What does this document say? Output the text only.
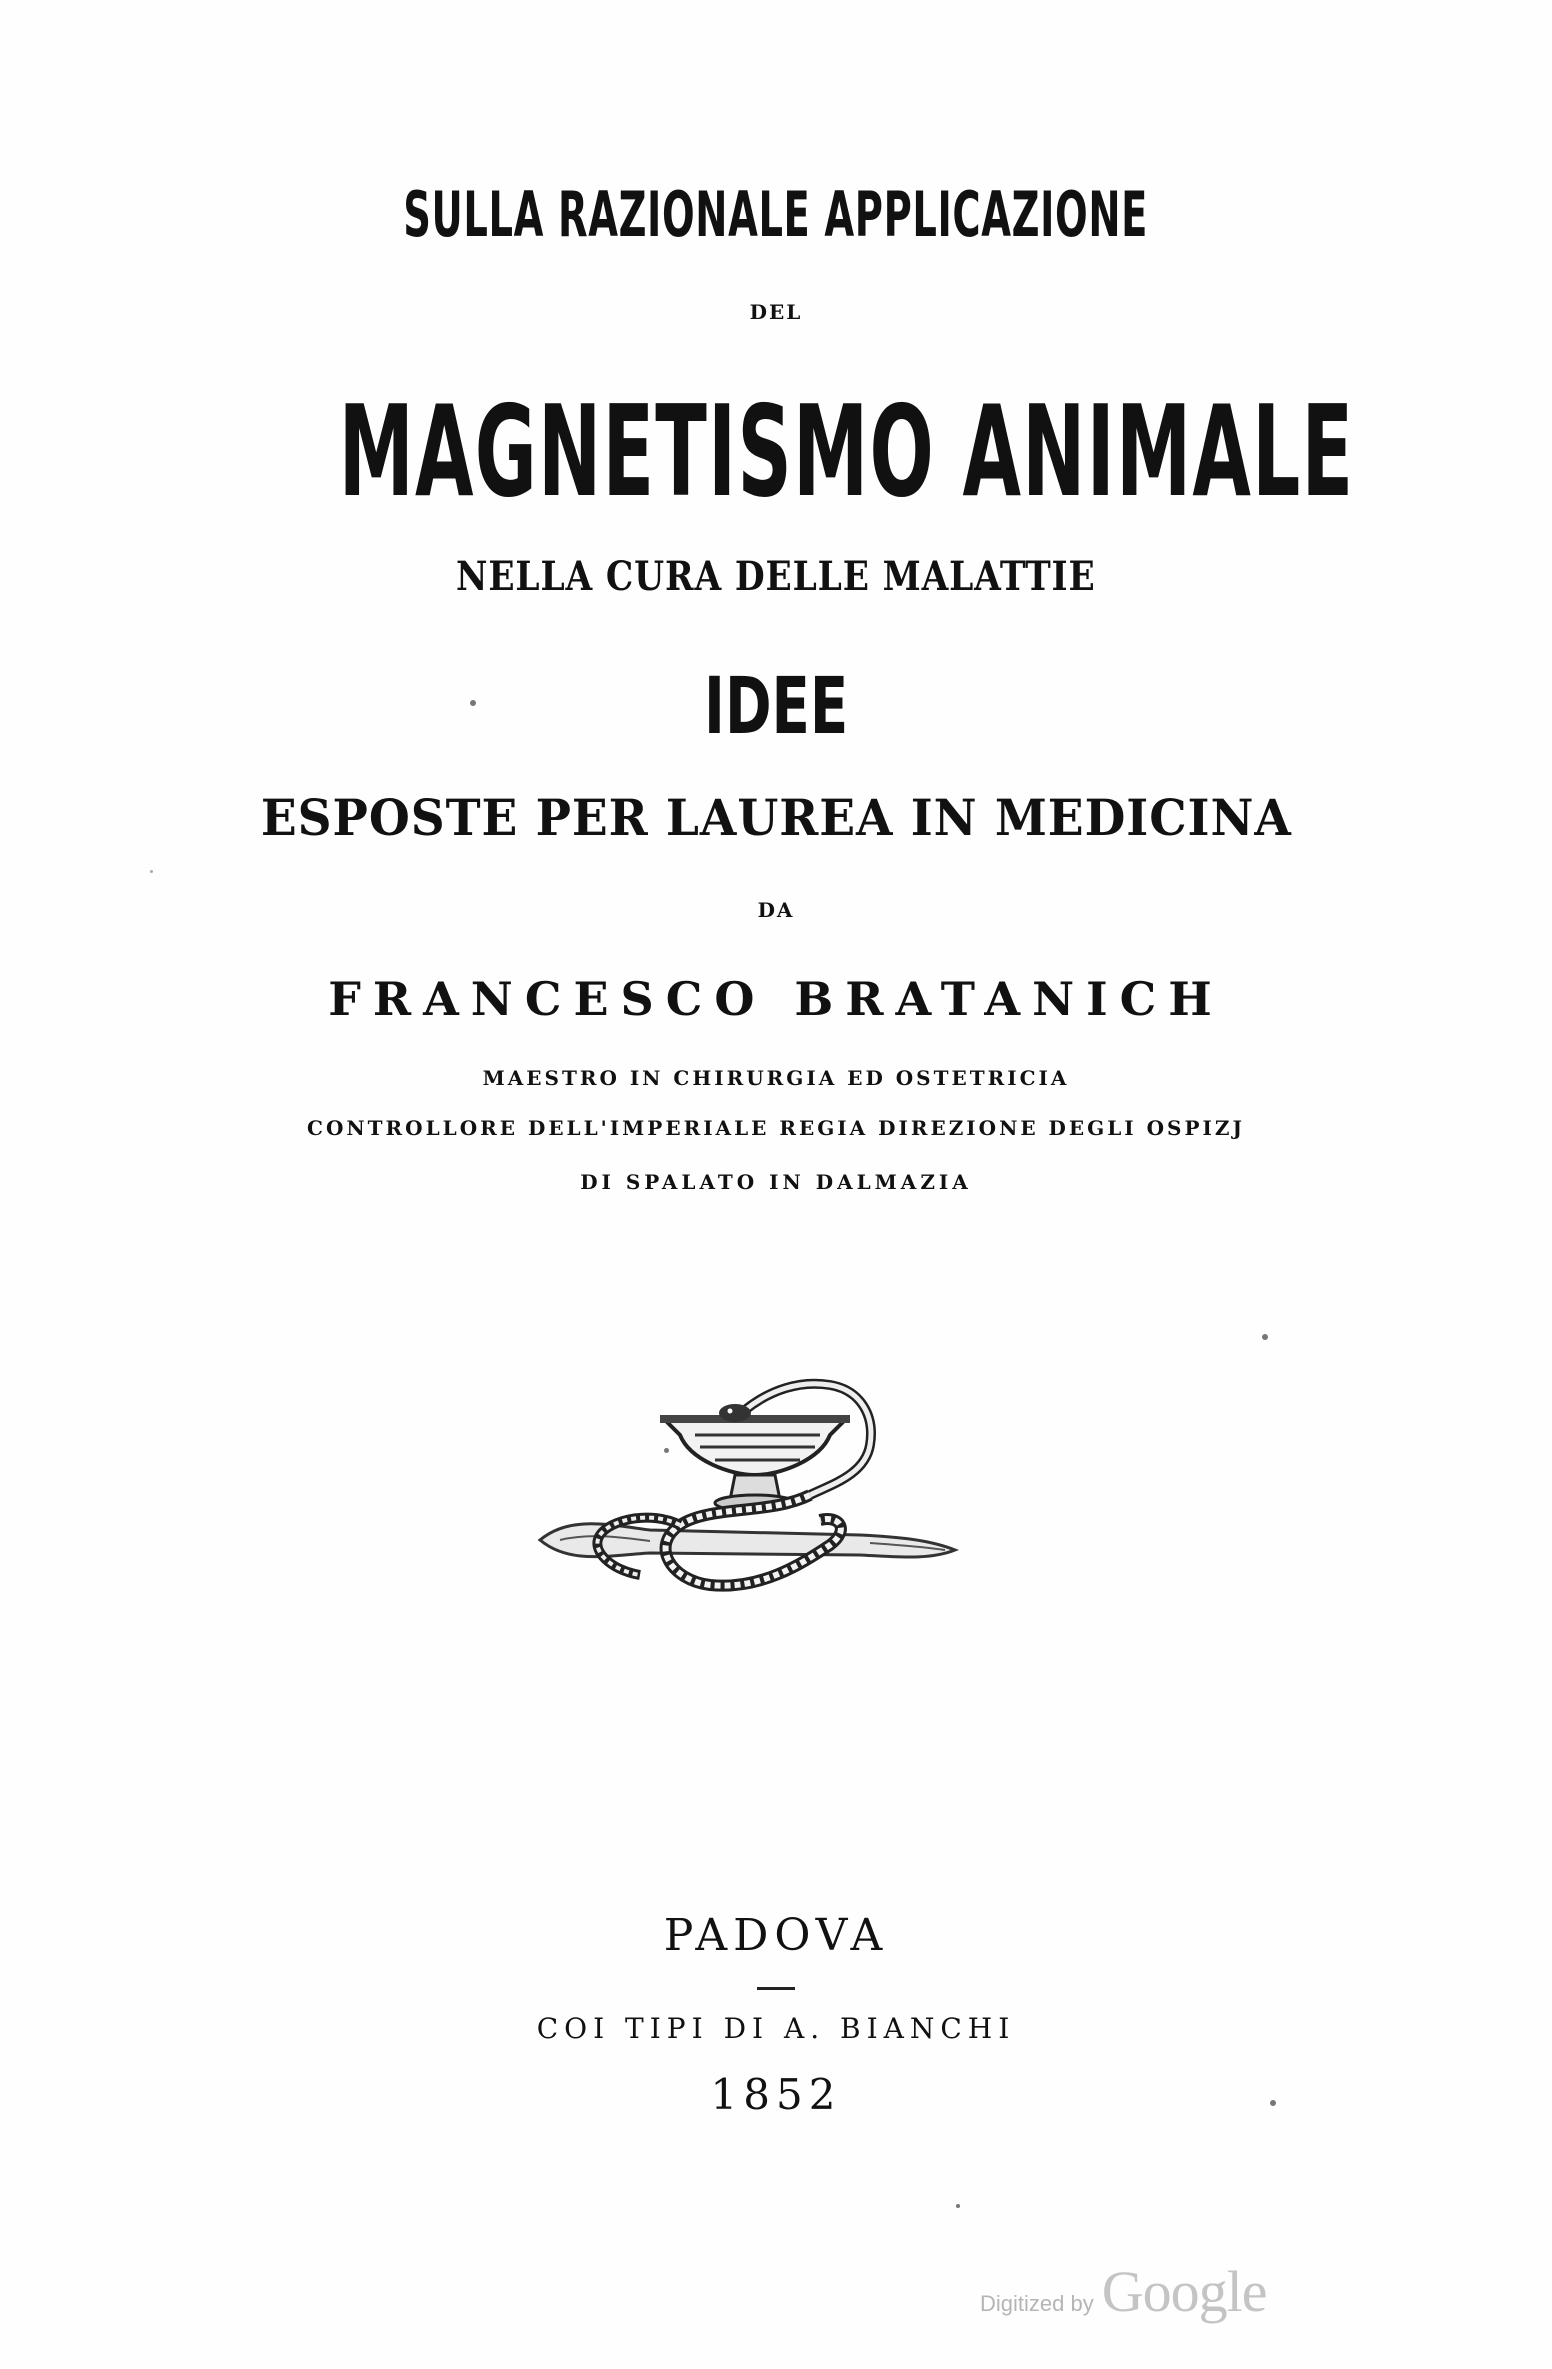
SULLA RAZIONALE APPLICAZIONE

DEL

MAGNETISMO ANIMALE

NELLA CURA DELLE MALATTIE

IDEE

ESPOSTE PER LAUREA IN MEDICINA

DA

FRANCESCO BRATANICH

MAESTRO IN CHIRURGIA ED OSTETRICIA

CONTROLLORE DELL'IMPERIALE REGIA DIREZIONE DEGLI OSPIZJ

DI SPALATO IN DALMAZIA

PADOVA

COI TIPI DI A. BIANCHI

1852

Digitized by Google
